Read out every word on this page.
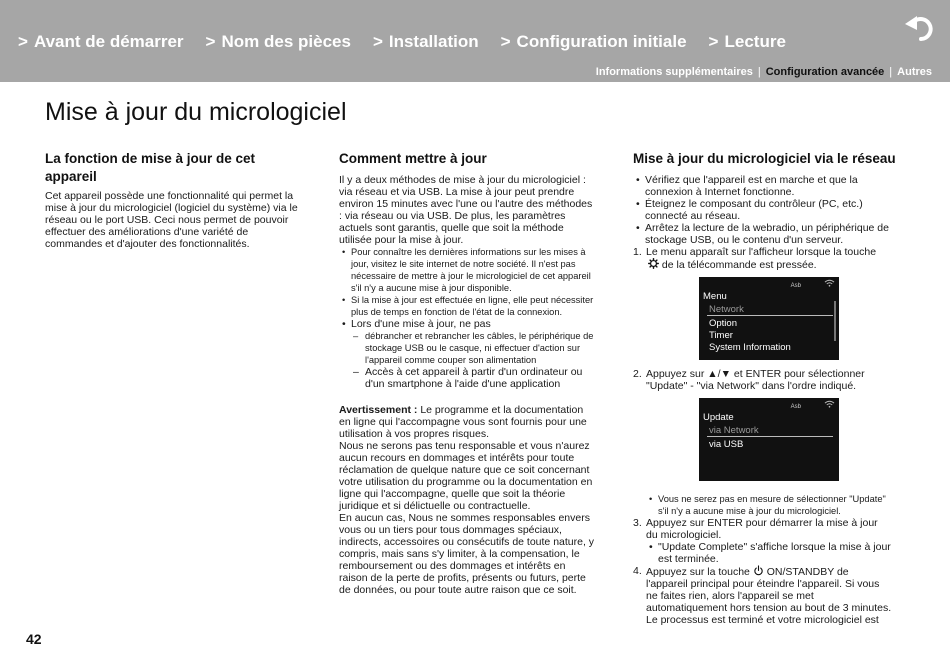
> Avant de démarrer > Nom des pièces > Installation > Configuration initiale > Lecture
Informations supplémentaires | Configuration avancée | Autres
Mise à jour du micrologiciel
La fonction de mise à jour de cet
appareil

Cet appareil possède une fonctionnalité qui permet la
mise à jour du micrologiciel (logiciel du système) via le
réseau ou le port USB. Ceci nous permet de pouvoir
effectuer des améliorations d'une variété de
commandes et d'ajouter des fonctionnalités.

Comment mettre à jour

Il y a deux méthodes de mise à jour du micrologiciel :
via réseau et via USB. La mise à jour peut prendre
environ 15 minutes avec l'une ou l'autre des méthodes
: via réseau ou via USB. De plus, les paramètres
actuels sont garantis, quelle que soit la méthode
utilisée pour la mise à jour.

• Pour connaître les dernières informations sur les mises à
jour, visitez le site internet de notre société. Il n'est pas
nécessaire de mettre à jour le micrologiciel de cet appareil
s'il n'y a aucune mise à jour disponible.
• Si la mise à jour est effectuée en ligne, elle peut nécessiter
plus de temps en fonction de l'état de la connexion.
• Lors d'une mise à jour, ne pas
– débrancher et rebrancher les câbles, le périphérique de
stockage USB ou le casque, ni effectuer d'action sur
l'appareil comme couper son alimentation
– Accès à cet appareil à partir d'un ordinateur ou
d'un smartphone à l'aide d'une application

Avertissement : Le programme et la documentation
en ligne qui l'accompagne vous sont fournis pour une
utilisation à vos propres risques.
Nous ne serons pas tenu responsable et vous n'aurez
aucun recours en dommages et intérêts pour toute
réclamation de quelque nature que ce soit concernant
votre utilisation du programme ou la documentation en
ligne qui l'accompagne, quelle que soit la théorie
juridique et si délictuelle ou contractuelle.
En aucun cas, Nous ne sommes responsables envers
vous ou un tiers pour tous dommages spéciaux,
indirects, accessoires ou consécutifs de toute nature, y
compris, mais sans s'y limiter, à la compensation, le
remboursement ou des dommages et intérêts en
raison de la perte de profits, présents ou futurs, perte
de données, ou pour toute autre raison que ce soit.

Mise à jour du micrologiciel via le réseau
• Vérifiez que l'appareil est en marche et que la
connexion à Internet fonctionne.
• Éteignez le composant du contrôleur (PC, etc.)
connecté au réseau.
• Arrêtez la lecture de la webradio, un périphérique de
stockage USB, ou le contenu d'un serveur.
1. Le menu apparaît sur l'afficheur lorsque la touche
de la télécommande est pressée.
Asb
Menu
Network
Option
Timer
System Information
2. Appuyez sur ▲/▼ et ENTER pour sélectionner
"Update" - "via Network" dans l'ordre indiqué.
Asb
Update
via Network
via USB
• Vous ne serez pas en mesure de sélectionner "Update"
s'il n'y a aucune mise à jour du micrologiciel.
3. Appuyez sur ENTER pour démarrer la mise à jour
du micrologiciel.
• "Update Complete" s'affiche lorsque la mise à jour
est terminée.
4. Appuyez sur la touche  ON/STANDBY de
l'appareil principal pour éteindre l'appareil. Si vous
ne faites rien, alors l'appareil se met
automatiquement hors tension au bout de 3 minutes.
Le processus est terminé et votre micrologiciel est
42
